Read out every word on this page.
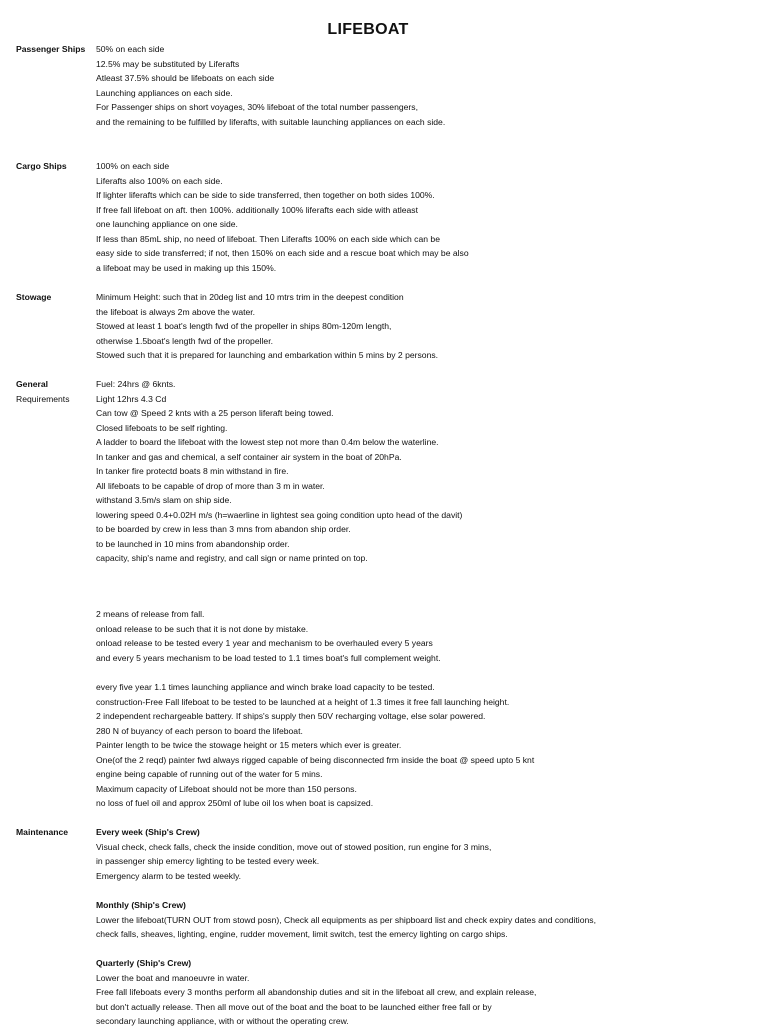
LIFEBOAT
Passenger Ships	50% on each side
12.5% may be substituted by Liferafts
Atleast 37.5% should be lifeboats on each side
Launching appliances on each side.
For Passenger ships on short voyages, 30% lifeboat of the total number passengers,
and the remaining to be fulfilled by liferafts, with suitable launching appliances on each side.
Cargo Ships	100% on each side
Liferafts also 100% on each side.
If lighter liferafts which can be side to side transferred, then together on both sides 100%.
If free fall lifeboat on aft. then 100%. additionally 100% liferafts each side with atleast
one launching appliance on one side.
If less than 85mL ship, no need of lifeboat. Then Liferafts 100% on each side which can be
easy side to side transferred; if not, then 150% on each side and a rescue boat which may be also
a lifeboat may be used in making up this 150%.
Stowage	Minimum Height: such that in 20deg list and 10 mtrs trim in the deepest condition
the lifeboat is always 2m above the water.
Stowed at least 1 boat's length fwd of the propeller in ships 80m-120m length,
otherwise 1.5boat's length fwd of the propeller.
Stowed such that it is prepared for launching and embarkation within 5 mins by 2 persons.
General
Requirements
Fuel: 24hrs @ 6knts.
Light 12hrs 4.3 Cd
Can tow @ Speed 2 knts with a 25 person liferaft being towed.
Closed lifeboats to be self righting.
A ladder to board the lifeboat with the lowest step not more than 0.4m below the waterline.
In tanker and gas and chemical, a self container air system in the boat of 20hPa.
In tanker fire protectd boats 8 min withstand in fire.
All lifeboats to be capable of drop of more than 3 m in water.
withstand 3.5m/s slam on ship side.
lowering speed 0.4+0.02H m/s (h=waerline in lightest sea going condition upto head of the davit)
to be boarded by crew in less than 3 mns from abandon ship order.
to be launched in 10 mins from abandonship order.
capacity, ship's name and registry, and call sign or name printed on top.
2 means of release from fall.
onload release to be such that it is not done by mistake.
onload release to be tested every 1 year and mechanism to be overhauled every 5 years
and every 5 years mechanism to be load tested to 1.1 times boat's full complement weight.
every five year 1.1 times launching appliance and winch brake load capacity to be tested.
construction-Free Fall lifeboat to be tested to be launched at a height of 1.3 times it free fall launching height.
2 independent rechargeable battery. If ships's supply then 50V recharging voltage, else solar powered.
280 N of buyancy of each person to board the lifeboat.
Painter length to be twice the stowage height or 15 meters which ever is greater.
One(of the 2 reqd) painter fwd always rigged capable of being disconnected frm inside the boat @ speed upto 5 knt
engine being capable of running out of the water for 5 mins.
Maximum capacity of Lifeboat should not be more than 150 persons.
no loss of fuel oil and approx 250ml of lube oil los when boat is capsized.
Maintenance	Every week (Ship's Crew)
Visual check, check falls, check the inside condition, move out of stowed position, run engine for 3 mins,
in passenger ship emercy lighting to be tested every week.
Emergency alarm to be tested weekly.
Monthly (Ship's Crew)
Lower the lifeboat(TURN OUT from stowd posn), Check all equipments as per shipboard list and check expiry dates and conditions,
check falls, sheaves, lighting, engine, rudder movement, limit switch, test the emercy lighting on cargo ships.
Quarterly (Ship's Crew)
Lower the boat and manoeuvre in water.
Free fall lifeboats every 3 months perform all abandonship duties and sit in the lifeboat all crew, and explain release,
but don't actually release. Then all move out of the boat and the boat to be launched either free fall or by
secondary launching appliance, with or without the operating crew.
